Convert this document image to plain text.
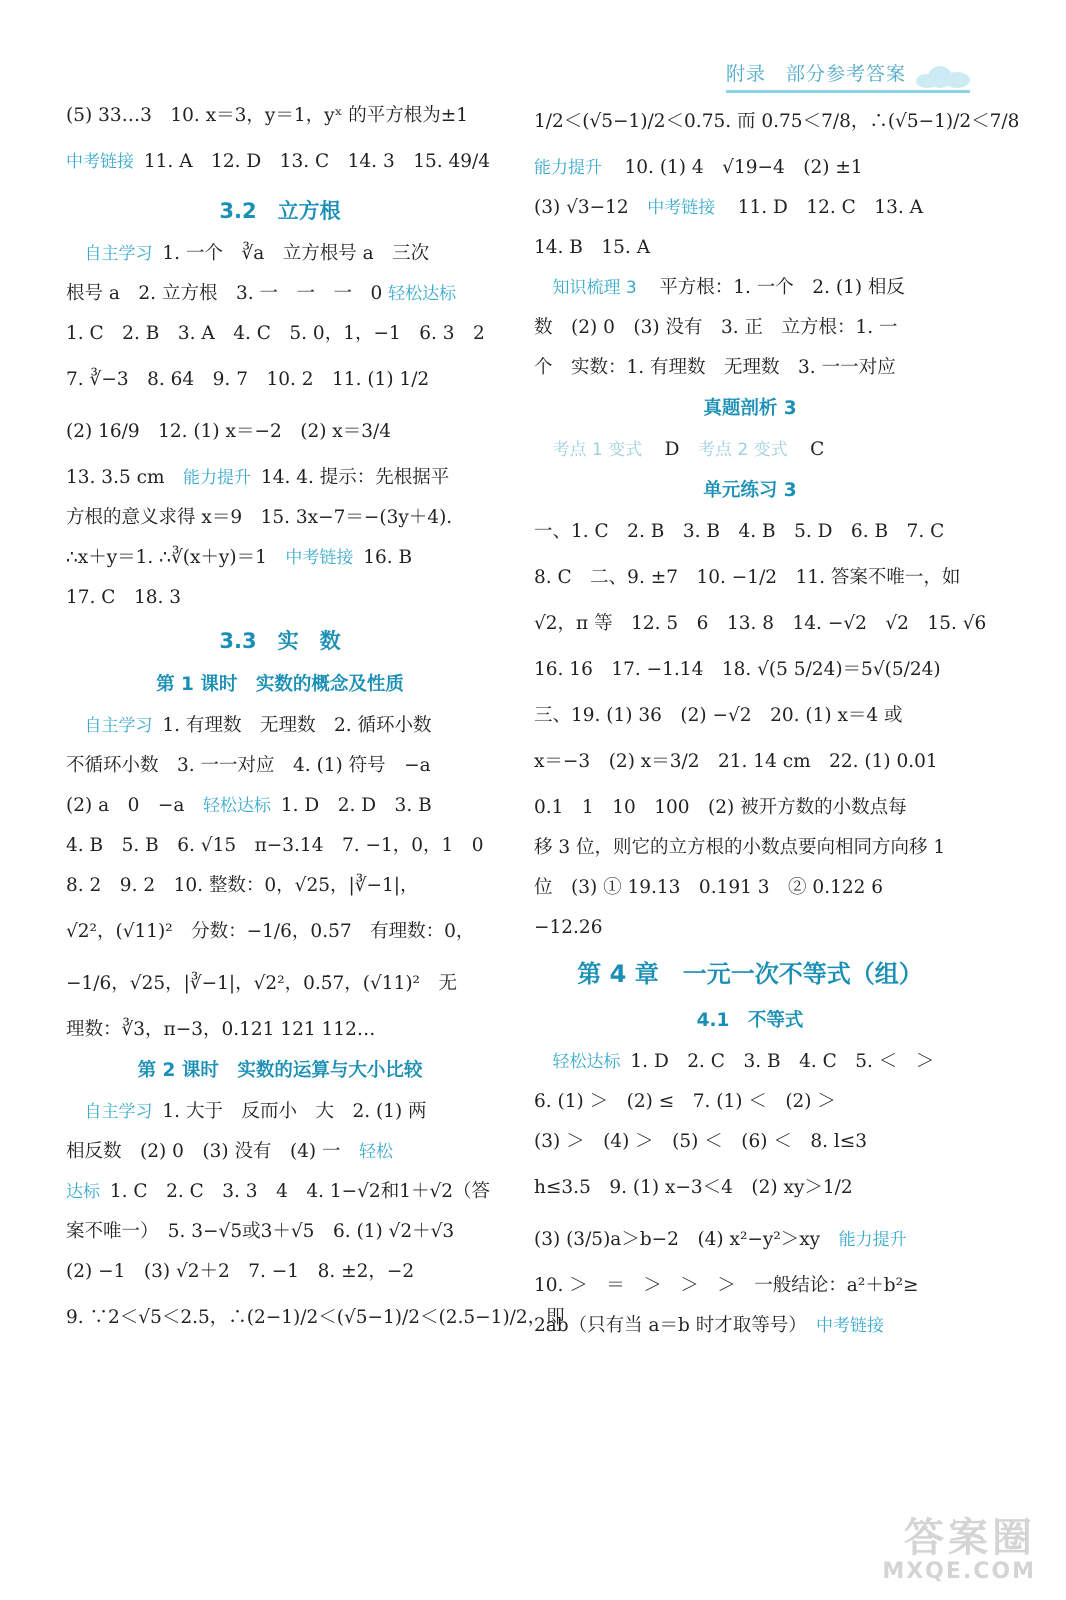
附录　部分参考答案
(5) 33…3　10. x＝3，y＝1，yˣ 的平方根为±1
中考链接 11. A　12. D　13. C　14. 3　15. 49/4
3.2　立方根
　自主学习 1. 一个　∛a　立方根号 a　三次
根号 a　2. 立方根　3. 一　一　一　0 轻松达标
1. C　2. B　3. A　4. C　5. 0，1，−1　6. 3　2
7. ∛−3　8. 64　9. 7　10. 2　11. (1) 1/2
(2) 16/9　12. (1) x＝−2　(2) x＝3/4
13. 3.5 cm　 能力提升 14. 4. 提示：先根据平
方根的意义求得 x＝9　15. 3x−7＝−(3y＋4).
∴x＋y＝1. ∴∛(x＋y)＝1　 中考链接 16. B
17. C　18. 3
3.3　实　数
第 1 课时　实数的概念及性质
　自主学习 1. 有理数　无理数　2. 循环小数
不循环小数　3. 一一对应　4. (1) 符号　−a
(2) a　0　−a　 轻松达标 1. D　2. D　3. B
4. B　5. B　6. √15　π−3.14　7. −1，0，1　0
8. 2　9. 2　10. 整数：0，√25，|∛−1|，
√2²，(√11)²　分数：−1/6，0.5̇7　有理数：0，
−1/6，√25，|∛−1|，√2²，0.5̇7，(√11)²　无
理数：∛3，π−3，0.121 121 112…
第 2 课时　实数的运算与大小比较
　自主学习 1. 大于　反而小　大　2. (1) 两
相反数　(2) 0　(3) 没有　(4) 一　 轻松
达标 1. C　2. C　3. 3　4　4. 1−√2和1＋√2（答
案不唯一）　5. 3−√5或3＋√5　6. (1) √2＋√3
(2) −1　(3) √2＋2　7. −1　8. ±2，−2
9. ∵2＜√5＜2.5，∴(2−1)/2＜(√5−1)/2＜(2.5−1)/2，即
1/2＜(√5−1)/2＜0.75. 而 0.75＜7/8，∴(√5−1)/2＜7/8
能力提升　 10. (1) 4　√19−4　(2) ±1
(3) √3−12　 中考链接　 11. D　12. C　13. A
14. B　15. A
　知识梳理 3　 平方根：1. 一个　2. (1) 相反
数　(2) 0　(3) 没有　3. 正　立方根：1. 一
个　实数：1. 有理数　无理数　3. 一一对应
真题剖析 3
　考点 1 变式　 D　 考点 2 变式　 C
单元练习 3
一、1. C　2. B　3. B　4. B　5. D　6. B　7. C
8. C　二、9. ±7　10. −1/2　11. 答案不唯一，如
√2，π 等　12. 5　6　13. 8　14. −√2　√2　15. √6
16. 16　17. −1.14　18. √(5 5/24)＝5√(5/24)
三、19. (1) 36　(2) −√2　20. (1) x＝4 或
x＝−3　(2) x＝3/2　21. 14 cm　22. (1) 0.01
0.1　1　10　100　(2) 被开方数的小数点每
移 3 位，则它的立方根的小数点要向相同方向移 1
位　(3) ① 19.13　0.191 3　② 0.122 6
−12.26
第 4 章　一元一次不等式（组）
4.1　不等式
　轻松达标 1. D　2. C　3. B　4. C　5. ＜　＞
6. (1) ＞　(2) ≤　7. (1) ＜　(2) ＞
(3) ＞　(4) ＞　(5) ＜　(6) ＜　8. l≤3
h≤3.5　9. (1) x−3＜4　(2) xy＞1/2
(3) (3/5)a＞b−2　(4) x²−y²＞xy　 能力提升
10. ＞　＝　＞　＞　＞　一般结论：a²＋b²≥
2ab（只有当 a＝b 时才取等号）　 中考链接
答案圈
MXQE.COM
